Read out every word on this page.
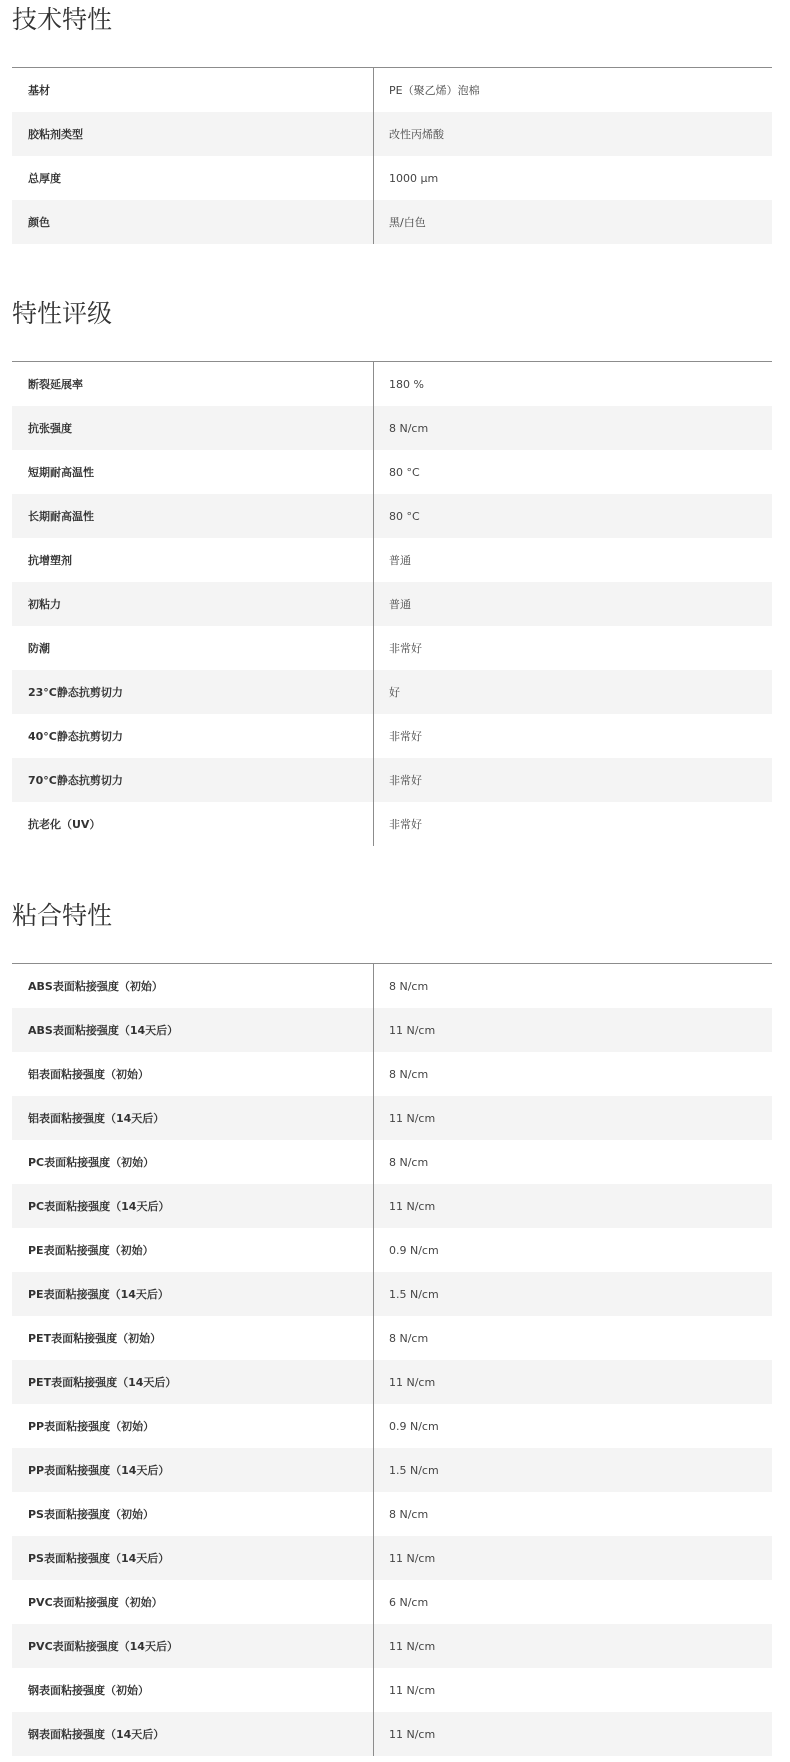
技术特性
基材	PE（聚乙烯）泡棉
胶粘剂类型	改性丙烯酸
总厚度	1000 µm
颜色	黑/白色
特性评级
断裂延展率	180 %
抗张强度	8 N/cm
短期耐高温性	80 °C
长期耐高温性	80 °C
抗增塑剂	普通
初粘力	普通
防潮	非常好
23°C静态抗剪切力	好
40°C静态抗剪切力	非常好
70°C静态抗剪切力	非常好
抗老化（UV）	非常好
粘合特性
ABS表面粘接强度（初始）	8 N/cm
ABS表面粘接强度（14天后）	11 N/cm
铝表面粘接强度（初始）	8 N/cm
铝表面粘接强度（14天后）	11 N/cm
PC表面粘接强度（初始）	8 N/cm
PC表面粘接强度（14天后）	11 N/cm
PE表面粘接强度（初始）	0.9 N/cm
PE表面粘接强度（14天后）	1.5 N/cm
PET表面粘接强度（初始）	8 N/cm
PET表面粘接强度（14天后）	11 N/cm
PP表面粘接强度（初始）	0.9 N/cm
PP表面粘接强度（14天后）	1.5 N/cm
PS表面粘接强度（初始）	8 N/cm
PS表面粘接强度（14天后）	11 N/cm
PVC表面粘接强度（初始）	6 N/cm
PVC表面粘接强度（14天后）	11 N/cm
钢表面粘接强度（初始）	11 N/cm
钢表面粘接强度（14天后）	11 N/cm
